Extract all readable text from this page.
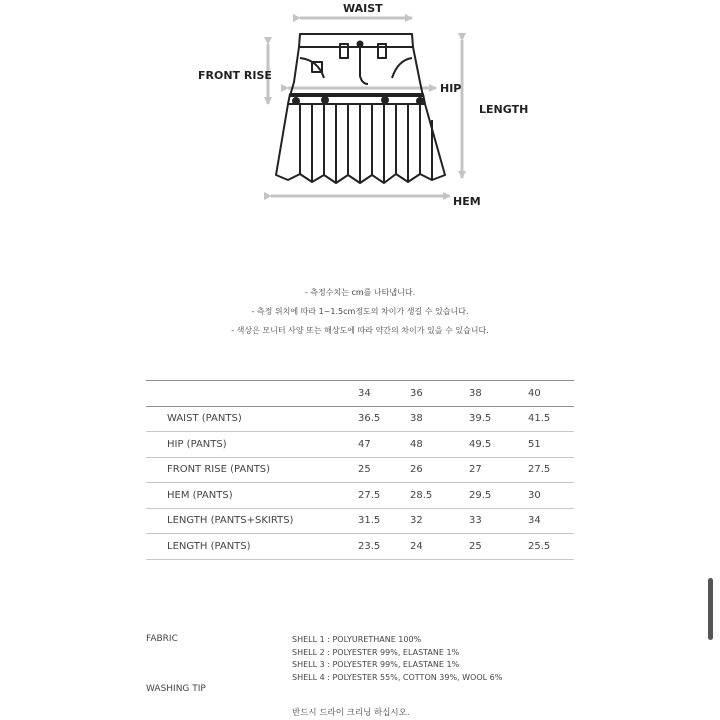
WAIST
FRONT RISE
HIP
LENGTH
HEM
- 측정수치는 cm를 나타냅니다.
- 측정 위치에 따라 1~1.5cm정도의 차이가 생길 수 있습니다.
- 색상은 모니터 사양 또는 해상도에 따라 약간의 차이가 있을 수 있습니다.
	34	36	38	40
WAIST (PANTS)	36.5	38	39.5	41.5
HIP (PANTS)	47	48	49.5	51
FRONT RISE (PANTS)	25	26	27	27.5
HEM (PANTS)	27.5	28.5	29.5	30
LENGTH (PANTS+SKIRTS)	31.5	32	33	34
LENGTH (PANTS)	23.5	24	25	25.5
FABRIC	SHELL 1 : POLYURETHANE 100%
SHELL 2 : POLYESTER 99%, ELASTANE 1%
SHELL 3 : POLYESTER 99%, ELASTANE 1%
SHELL 4 : POLYESTER 55%, COTTON 39%, WOOL 6%
WASHING TIP
반드시 드라이 크리닝 하십시오.
